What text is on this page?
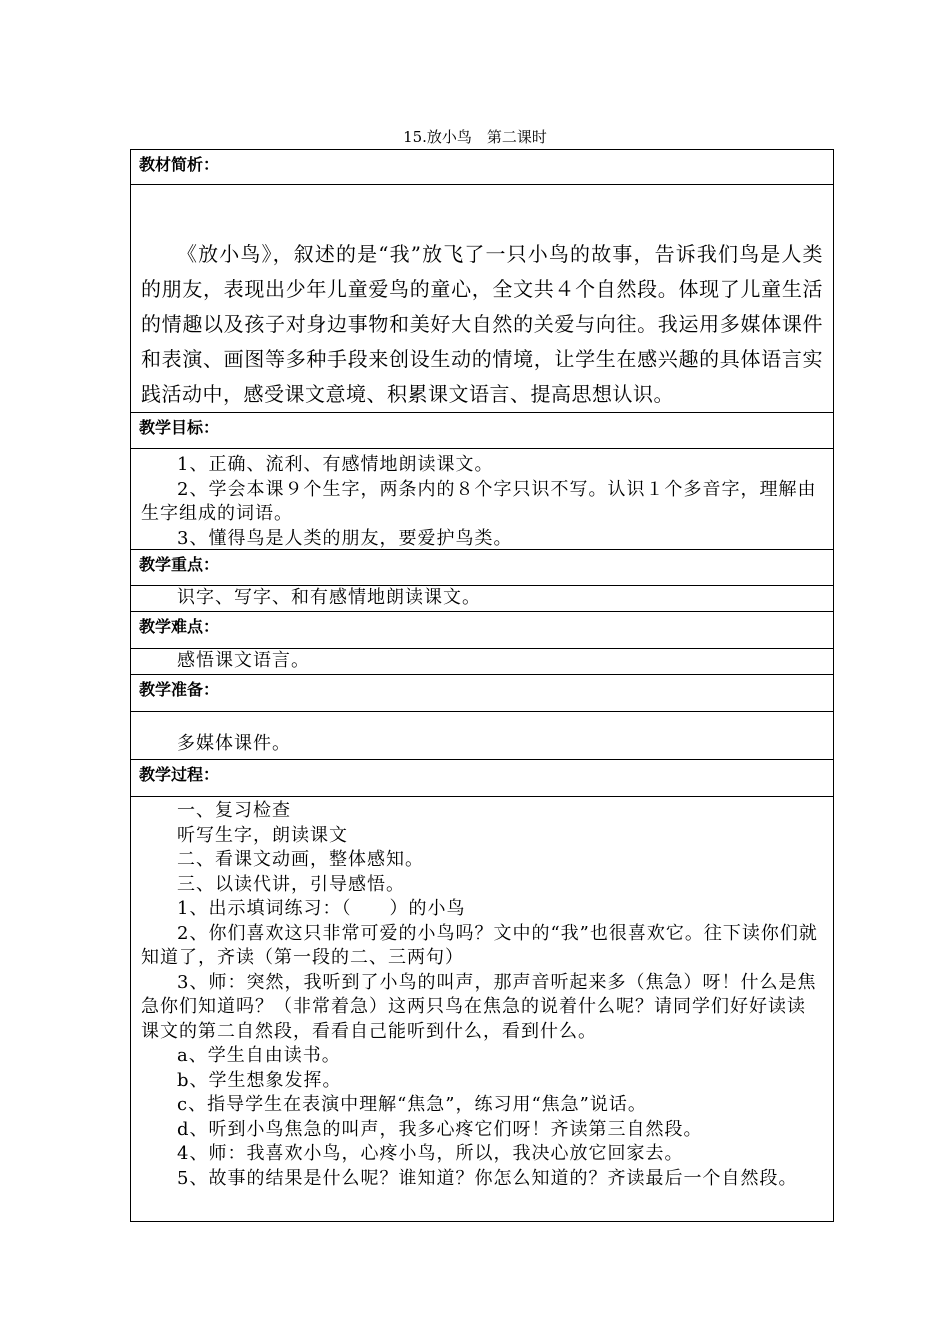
15.放小鸟　第二课时
教材简析：

《放小鸟》，叙述的是“我”放飞了一只小鸟的故事，告诉我们鸟是人类的朋友，表现出少年儿童爱鸟的童心，全文共４个自然段。体现了儿童生活的情趣以及孩子对身边事物和美好大自然的关爱与向往。我运用多媒体课件和表演、画图等多种手段来创设生动的情境，让学生在感兴趣的具体语言实践活动中，感受课文意境、积累课文语言、提高思想认识。

教学目标：
1、正确、流利、有感情地朗读课文。
2、学会本课９个生字，两条内的８个字只识不写。认识１个多音字，理解由生字组成的词语。
3、懂得鸟是人类的朋友，要爱护鸟类。
教学重点：
识字、写字、和有感情地朗读课文。
教学难点：
感悟课文语言。
教学准备：
多媒体课件。
教学过程：
一、复习检查
听写生字，朗读课文
二、看课文动画，整体感知。
三、以读代讲，引导感悟。
1、出示填词练习：（　　）的小鸟
2、你们喜欢这只非常可爱的小鸟吗？文中的“我”也很喜欢它。往下读你们就知道了，齐读（第一段的二、三两句）
3、师：突然，我听到了小鸟的叫声，那声音听起来多（焦急）呀！什么是焦急你们知道吗？（非常着急）这两只鸟在焦急的说着什么呢？请同学们好好读读课文的第二自然段，看看自己能听到什么，看到什么。
a、学生自由读书。
b、学生想象发挥。
c、指导学生在表演中理解“焦急”，练习用“焦急”说话。
d、听到小鸟焦急的叫声，我多心疼它们呀！齐读第三自然段。
4、师：我喜欢小鸟，心疼小鸟，所以，我决心放它回家去。
5、故事的结果是什么呢？谁知道？你怎么知道的？齐读最后一个自然段。
